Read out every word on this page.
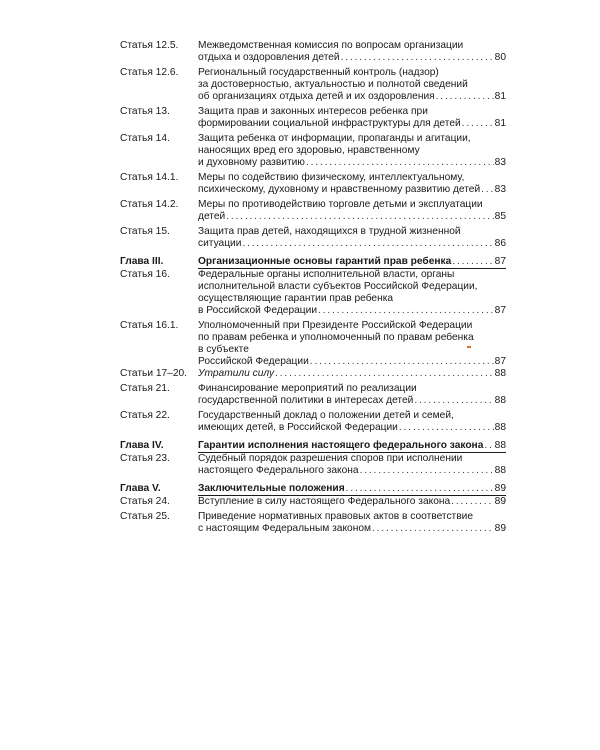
Статья 12.5.	Межведомственная комиссия по вопросам организации
отдыха и оздоровления детей . . .	80
Статья 12.6.	Региональный государственный контроль (надзор)
за достоверностью, актуальностью и полнотой сведений
об организациях отдыха детей и их оздоровления . . .	81
Статья 13.	Защита прав и законных интересов ребенка при
формировании социальной инфраструктуры для детей . . .	81
Статья 14.	Защита ребенка от информации, пропаганды и агитации,
наносящих вред его здоровью, нравственному
и духовному развитию . . .	83
Статья 14.1.	Меры по содействию физическому, интеллектуальному,
психическому, духовному и нравственному развитию детей . . . 83
Статья 14.2.	Меры по противодействию торговле детьми и эксплуатации
детей . . .	85
Статья 15.	Защита прав детей, находящихся в трудной жизненной
ситуации . . .	86
Глава III.	Организационные основы гарантий прав ребенка . . .	87
Статья 16.	Федеральные органы исполнительной власти, органы
исполнительной власти субъектов Российской Федерации,
осуществляющие гарантии прав ребенка
в Российской Федерации . . .	87
Статья 16.1.	Уполномоченный при Президенте Российской Федерации
по правам ребенка и уполномоченный по правам ребенка
в субъекте
Российской Федерации . . .	87
Статьи 17–20.	Утратили силу . . .	88
Статья 21.	Финансирование мероприятий по реализации
государственной политики в интересах детей . . .	88
Статья 22.	Государственный доклад о положении детей и семей,
имеющих детей, в Российской Федерации . . .	88
Глава IV.	Гарантии исполнения настоящего федерального закона . . . 88
Статья 23.	Судебный порядок разрешения споров при исполнении
настоящего Федерального закона . . .	88
Глава V.	Заключительные положения . . .	89
Статья 24.	Вступление в силу настоящего Федерального закона . . .	89
Статья 25.	Приведение нормативных правовых актов в соответствие
с настоящим Федеральным законом . . .	89
